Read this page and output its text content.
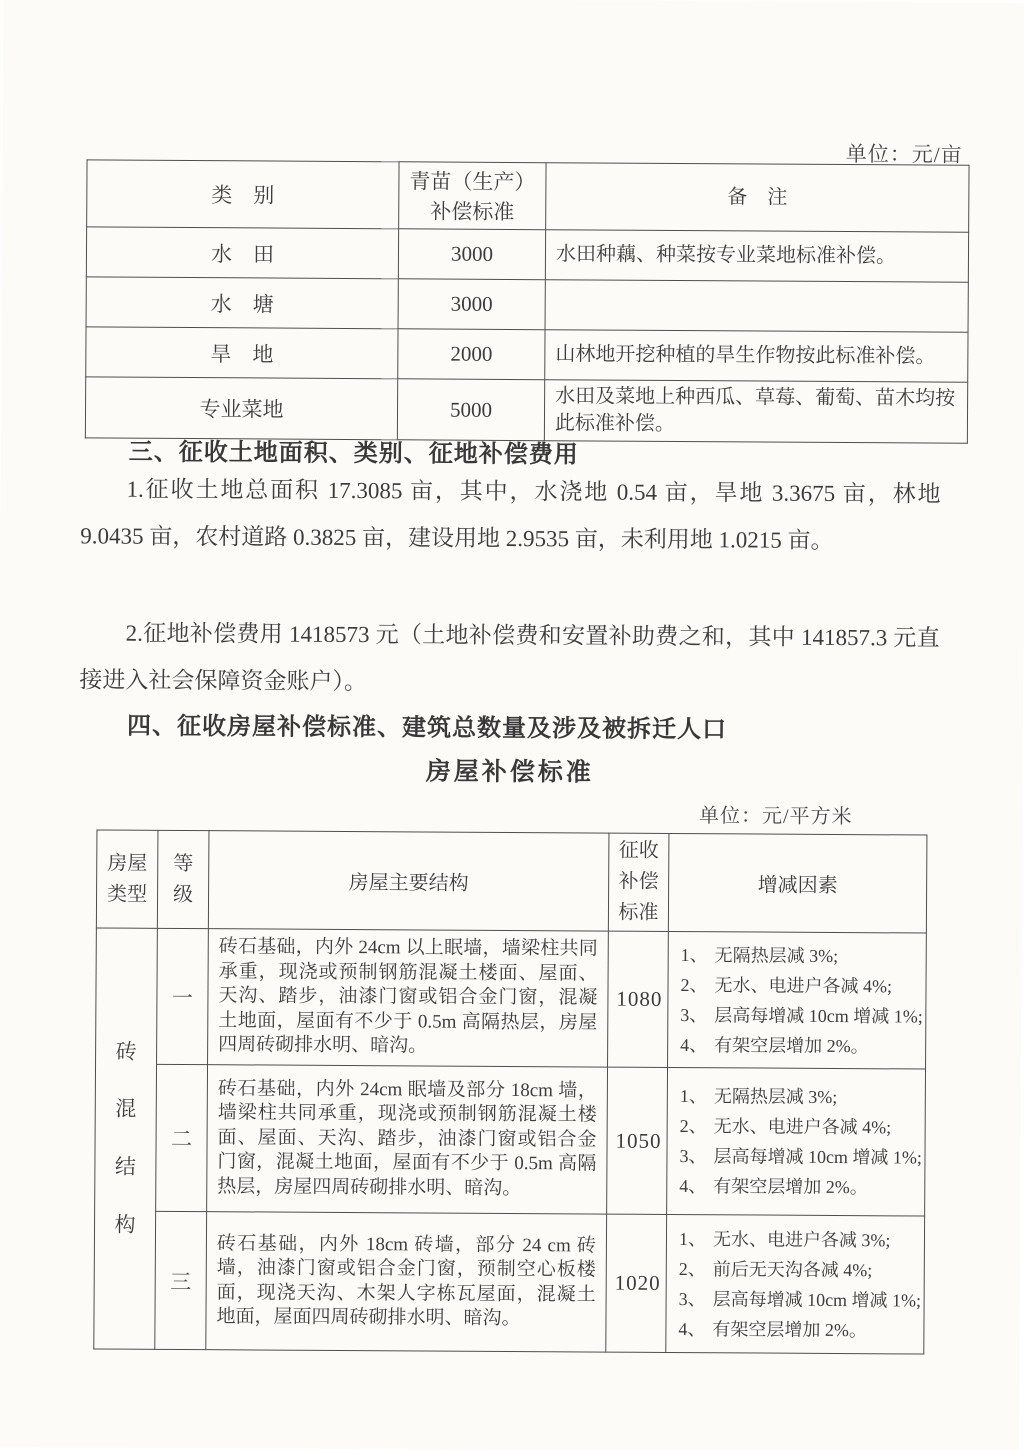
单位：元/亩
类　别	青苗（生产）补偿标准	备　注
水　田	3000	水田种藕、种菜按专业菜地标准补偿。
水　塘	3000	
旱　地	2000	山林地开挖种植的旱生作物按此标准补偿。
专业菜地	5000	水田及菜地上种西瓜、草莓、葡萄、苗木均按此标准补偿。
三、征收土地面积、类别、征地补偿费用
1.征收土地总面积 17.3085 亩，其中，水浇地 0.54 亩，旱地 3.3675 亩，林地 9.0435 亩，农村道路 0.3825 亩，建设用地 2.9535 亩，未利用地 1.0215 亩。
2.征地补偿费用 1418573 元（土地补偿费和安置补助费之和，其中 141857.3 元直接进入社会保障资金账户）。
四、征收房屋补偿标准、建筑总数量及涉及被拆迁人口
房屋补偿标准
单位：元/平方米
房屋类型	等级	房屋主要结构	征收补偿标准	增减因素

砖混结构	一	砖石基础，内外 24cm 以上眠墙，墙梁柱共同承重，现浇或预制钢筋混凝土楼面、屋面、天沟、踏步，油漆门窗或铝合金门窗，混凝土地面，屋面有不少于 0.5m 高隔热层，房屋四周砖砌排水明、暗沟。	1080	1、 无隔热层减 3%;
2、 无水、电进户各减 4%;
3、 层高每增减 10cm 增减 1%;
4、 有架空层增加 2%。

	二	砖石基础，内外 24cm 眠墙及部分 18cm 墙，墙梁柱共同承重，现浇或预制钢筋混凝土楼面、屋面、天沟、踏步，油漆门窗或铝合金门窗，混凝土地面，屋面有不少于 0.5m 高隔热层，房屋四周砖砌排水明、暗沟。	1050	1、 无隔热层减 3%;
2、 无水、电进户各减 4%;
3、 层高每增减 10cm 增减 1%;
4、 有架空层增加 2%。

	三	砖石基础，内外 18cm 砖墙，部分 24 cm 砖墙，油漆门窗或铝合金门窗，预制空心板楼面，现浇天沟、木架人字栋瓦屋面，混凝土地面，屋面四周砖砌排水明、暗沟。	1020	1、 无水、电进户各减 3%;
2、 前后无天沟各减 4%;
3、 层高每增减 10cm 增减 1%;
4、 有架空层增加 2%。
